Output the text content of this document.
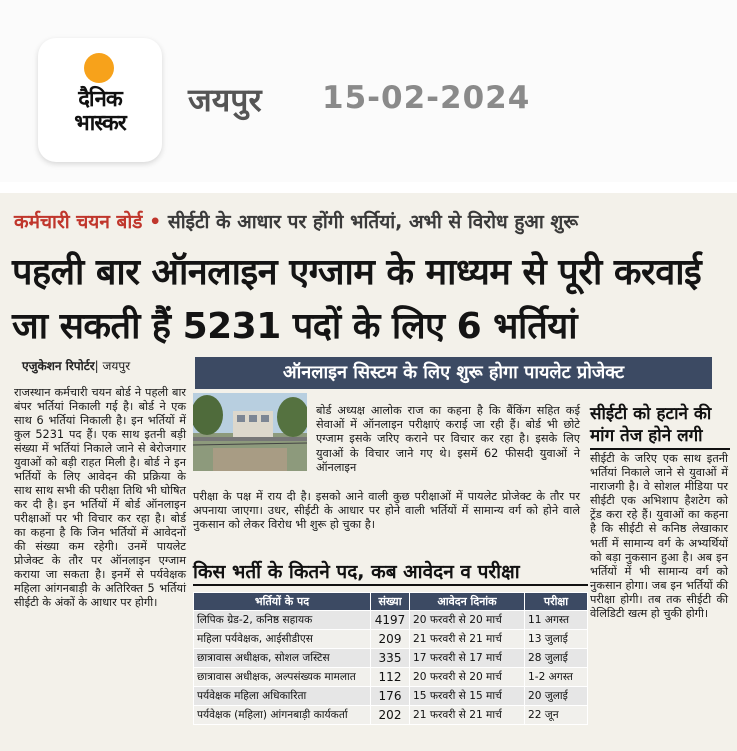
दैनिक
भास्कर
जयपुर 15-02-2024
कर्मचारी चयन बोर्ड • सीईटी के आधार पर होंगी भर्तियां, अभी से विरोध हुआ शुरू
पहली बार ऑनलाइन एग्जाम के माध्यम से पूरी करवाई जा सकती हैं 5231 पदों के लिए 6 भर्तियां
एजुकेशन रिपोर्टर| जयपुर	ऑनलाइन सिस्टम के लिए शुरू होगा पायलेट प्रोजेक्ट
राजस्थान कर्मचारी चयन बोर्ड ने पहली बार बंपर भर्तियां निकाली गई है। बोर्ड ने एक साथ 6 भर्तियां निकाली है। इन भर्तियों में कुल 5231 पद हैं। एक साथ इतनी बड़ी संख्या में भर्तियां निकाले जाने से बेरोजगार युवाओं को बड़ी राहत मिली है। बोर्ड ने इन भर्तियों के लिए आवेदन की प्रक्रिया के साथ साथ सभी की परीक्षा तिथि भी घोषित कर दी है। इन भर्तियों में बोर्ड ऑनलाइन परीक्षाओं पर भी विचार कर रहा है। बोर्ड का कहना है कि जिन भर्तियों में आवेदनों की संख्या कम रहेगी। उनमें पायलेट प्रोजेक्ट के तौर पर ऑनलाइन एग्जाम कराया जा सकता है। इनमें से पर्यवेक्षक महिला आंगनबाड़ी के अतिरिक्त 5 भर्तियां सीईटी के अंकों के आधार पर होगी।
बोर्ड अध्यक्ष आलोक राज का कहना है कि बैंकिंग सहित कई सेवाओं में ऑनलाइन परीक्षाएं कराई जा रही हैं। बोर्ड भी छोटे एग्जाम इसके जरिए कराने पर विचार कर रहा है। इसके लिए युवाओं के विचार जाने गए थे। इसमें 62 फीसदी युवाओं ने ऑनलाइन
परीक्षा के पक्ष में राय दी है। इसको आने वाली कुछ परीक्षाओं में पायलेट प्रोजेक्ट के तौर पर अपनाया जाएगा। उधर, सीईटी के आधार पर होने वाली भर्तियों में सामान्य वर्ग को होने वाले नुकसान को लेकर विरोध भी शुरू हो चुका है।
सीईटी को हटाने की मांग तेज होने लगी
सीईटी के जरिए एक साथ इतनी भर्तियां निकाले जाने से युवाओं में नाराजगी है। वे सोशल मीडिया पर सीईटी एक अभिशाप हैशटेग को ट्रेंड करा रहे हैं। युवाओं का कहना है कि सीईटी से कनिष्ठ लेखाकार भर्ती में सामान्य वर्ग के अभ्यर्थियों को बड़ा नुकसान हुआ है। अब इन भर्तियों में भी सामान्य वर्ग को नुकसान होगा। जब इन भर्तियों की परीक्षा होगी। तब तक सीईटी की वेलिडिटी खत्म हो चुकी होगी।
किस भर्ती के कितने पद, कब आवेदन व परीक्षा
भर्तियों के पद	संख्या	आवेदन दिनांक	परीक्षा
लिपिक ग्रेड-2, कनिष्ठ सहायक	4197	20 फरवरी से 20 मार्च	11 अगस्त
महिला पर्यवेक्षक, आईसीडीएस	209	21 फरवरी से 21 मार्च	13 जुलाई
छात्रावास अधीक्षक, सोशल जस्टिस	335	17 फरवरी से 17 मार्च	28 जुलाई
छात्रावास अधीक्षक, अल्पसंख्यक मामलात	112	20 फरवरी से 20 मार्च	1-2 अगस्त
पर्यवेक्षक महिला अधिकारिता	176	15 फरवरी से 15 मार्च	20 जुलाई
पर्यवेक्षक (महिला) आंगनबाड़ी कार्यकर्ता	202	21 फरवरी से 21 मार्च	22 जून
